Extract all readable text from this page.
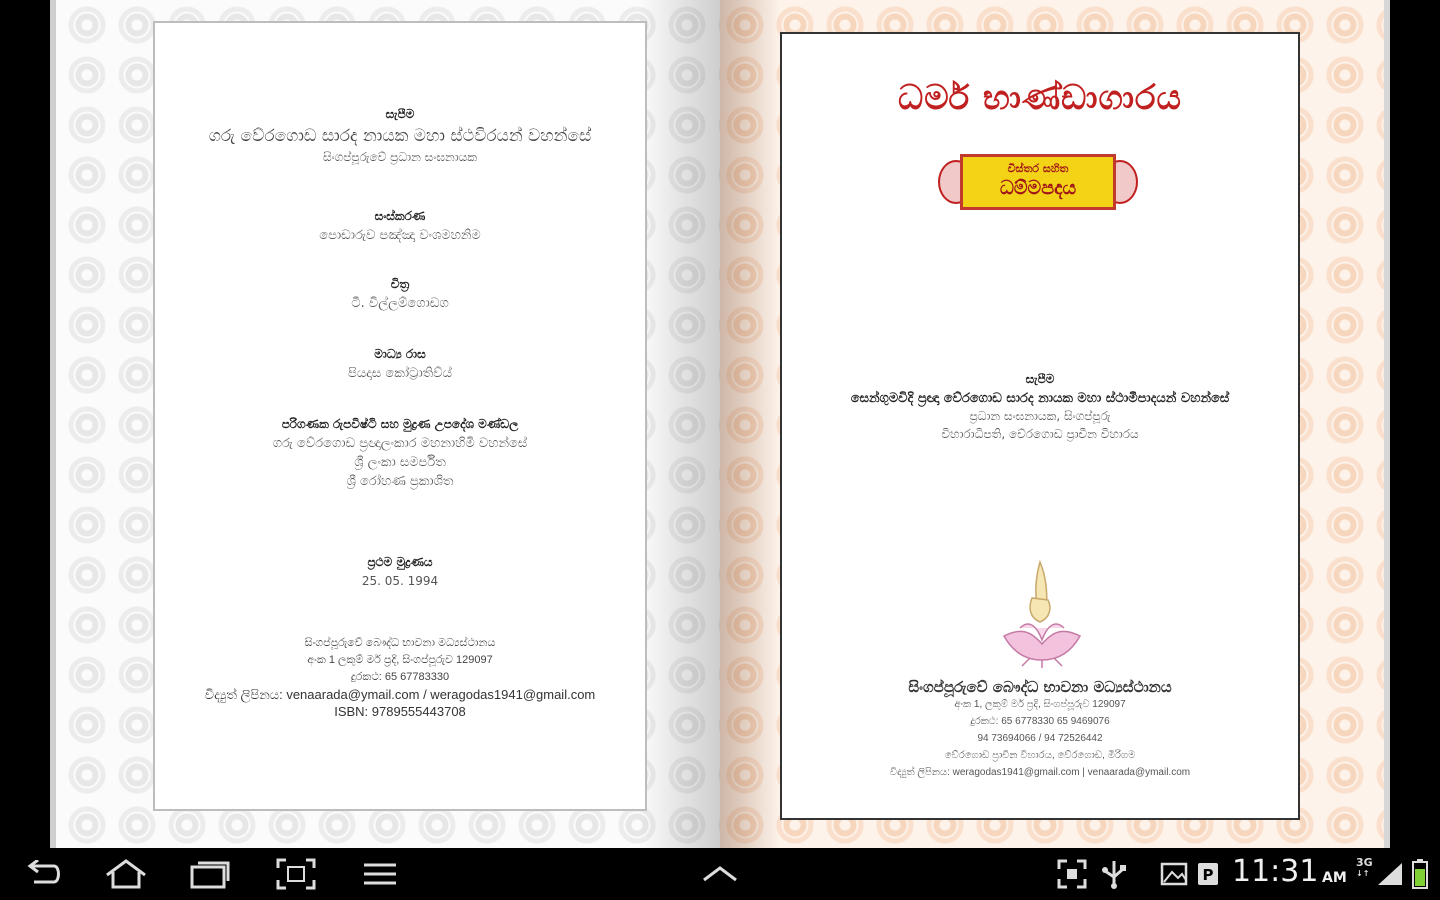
සැපීම
ගරු වේරගොඩ සාරද නායක මහා ස්ථවිරයන් වහන්සේ
සිංගප්පූරුවේ ප්‍රධාන සංඝනායක
සංස්කරණ
පොඩාරුව පඤ්ඤා වංශමහනිම
චිත්‍ර
ටී. විල්ලම්ගොඩග
මාධ්‍ය රාස
පියදාස කෝට්‍රාතිව්ය්
පරිගණක රුපවිෂ්ටි සහ මුද්‍රණ උපදේශ මණ්ඩල
ගරු වේරගොඩ ප්‍රඥාලංකාර මහනාහිමි වහන්සේ
ශ්‍රී ලංකා සමර්පිත
ශ්‍රී රෝහණ ප්‍රකාශිත
ප්‍රථම මුද්‍රණය
25. 05. 1994
සිංගප්පූරුවේ බෞද්ධ භාවනා මධ්‍යස්ථානය
අංක 1 ලකුම් මර් ප්‍රදි, සිංගප්පූරුව 129097
දුරකථ: 65 67783330
විද්‍යුත් ලිපිනය: venaarada@ymail.com / weragodas1941@gmail.com
ISBN: 9789555443708
ධර්ම භාණ්ඩාගාරය
විස්තර සහිත
ධම්මපදය
සැපීම
සෙන්ගුමවිදි ප්‍රඥා වේරගොඩ සාරද නායක මහා ස්ථාමීපාදයන් වහන්සේ
ප්‍රධාන සංඝනායක, සිංගප්පූරු
විහාරාධිපති, වේරගොඩ ප්‍රාචීන විහාරය
සිංගප්පූරුවේ බෞද්ධ භාවනා මධ්‍යස්ථානය
අංක 1, ලකුම් මර් ප්‍රදි, සිංගප්පූරුව 129097
දුරකථ: 65 6778330 65 9469076
94 73694066 / 94 72526442
වේරගොඩ ප්‍රාචීන විහාරය, වේරගොඩ, මීරිගම
විද්‍යුත් ලිපිනය: weragodas1941@gmail.com | venaarada@ymail.com
P 11:31 AM
3G
↓↑
